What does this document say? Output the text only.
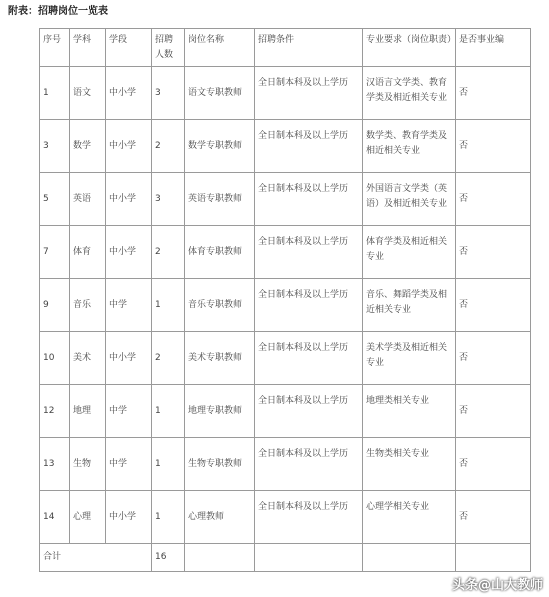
附表：招聘岗位一览表
序号	学科	学段	招聘人数	岗位名称	招聘条件	专业要求（岗位职责）	是否事业编
1	语文	中小学	3	语文专职教师	全日制本科及以上学历	汉语言文学类、教育学类及相近相关专业	否
3	数学	中小学	2	数学专职教师	全日制本科及以上学历	数学类、教育学类及相近相关专业	否
5	英语	中小学	3	英语专职教师	全日制本科及以上学历	外国语言文学类（英语）及相近相关专业	否
7	体育	中小学	2	体育专职教师	全日制本科及以上学历	体育学类及相近相关专业	否
9	音乐	中学	1	音乐专职教师	全日制本科及以上学历	音乐、舞蹈学类及相近相关专业	否
10	美术	中小学	2	美术专职教师	全日制本科及以上学历	美术学类及相近相关专业	否
12	地理	中学	1	地理专职教师	全日制本科及以上学历	地理类相关专业	否
13	生物	中学	1	生物专职教师	全日制本科及以上学历	生物类相关专业	否
14	心理	中小学	1	心理教师	全日制本科及以上学历	心理学相关专业	否
合计			16				
头条@山大教师
